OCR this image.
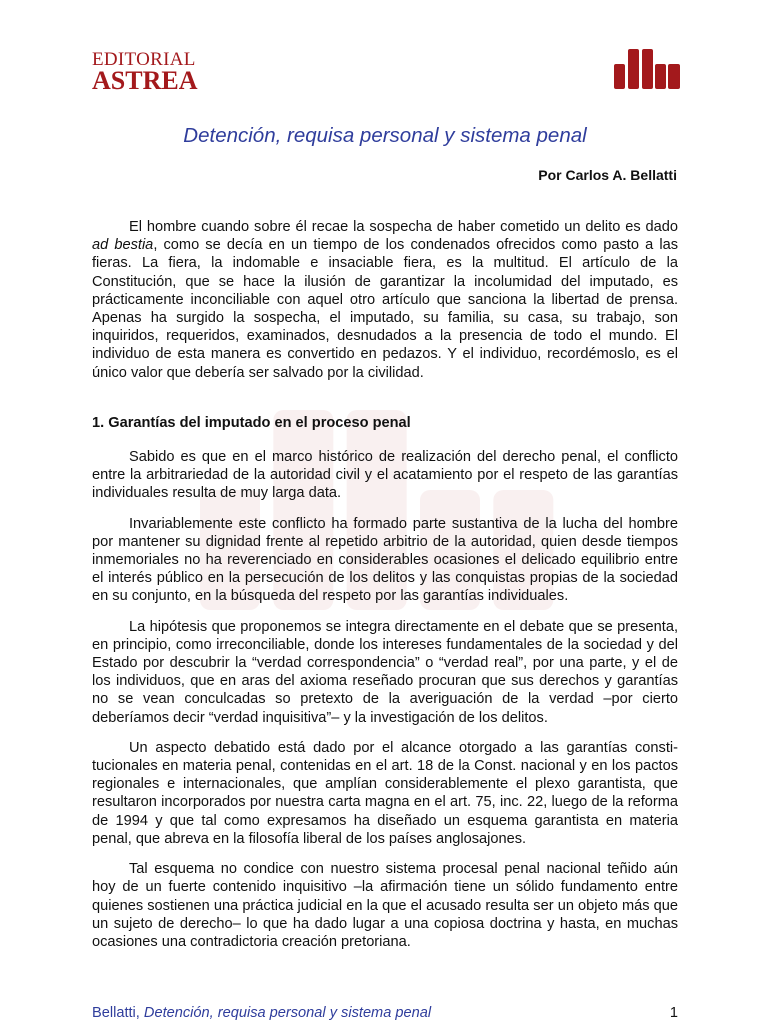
EDITORIAL
ASTREA
Detención, requisa personal y sistema penal
Por Carlos A. Bellatti

El hombre cuando sobre él recae la sospecha de haber cometido un delito es dado ad bestia, como se decía en un tiempo de los condenados ofrecidos como pasto a las fieras. La fiera, la indomable e insaciable fiera, es la multitud. El artículo de la Constitución, que se hace la ilusión de garantizar la incolumidad del imputado, es prácticamente inconciliable con aquel otro artículo que sanciona la libertad de prensa. Apenas ha surgido la sospecha, el imputado, su familia, su casa, su trabajo, son inquiridos, requeridos, examinados, desnudados a la presencia de todo el mundo. El individuo de esta manera es convertido en pedazos. Y el individuo, recordémoslo, es el único valor que debería ser salvado por la civilidad.

1. Garantías del imputado en el proceso penal

Sabido es que en el marco histórico de realización del derecho penal, el conflicto entre la arbitrariedad de la autoridad civil y el acatamiento por el respeto de las garantías individuales resulta de muy larga data.

Invariablemente este conflicto ha formado parte sustantiva de la lucha del hombre por mantener su dignidad frente al repetido arbitrio de la autoridad, quien desde tiempos inmemoriales no ha reverenciado en considerables ocasiones el delicado equilibrio entre el interés público en la persecución de los delitos y las conquistas propias de la sociedad en su conjunto, en la búsqueda del respeto por las garantías individuales.

La hipótesis que proponemos se integra directamente en el debate que se presenta, en principio, como irreconciliable, donde los intereses fundamentales de la sociedad y del Estado por descubrir la “verdad correspondencia” o “verdad real”, por una parte, y el de los individuos, que en aras del axioma reseñado procuran que sus derechos y garantías no se vean conculcadas so pretexto de la averiguación de la verdad –por cierto deberíamos decir “verdad inquisitiva”– y la investigación de los delitos.

Un aspecto debatido está dado por el alcance otorgado a las garantías constitucionales en materia penal, contenidas en el art. 18 de la Const. nacional y en los pactos regionales e internacionales, que amplían considerablemente el plexo garantista, que resultaron incorporados por nuestra carta magna en el art. 75, inc. 22, luego de la reforma de 1994 y que tal como expresamos ha diseñado un esquema garantista en materia penal, que abreva en la filosofía liberal de los países anglosajones.

Tal esquema no condice con nuestro sistema procesal penal nacional teñido aún hoy de un fuerte contenido inquisitivo –la afirmación tiene un sólido fundamento entre quienes sostienen una práctica judicial en la que el acusado resulta ser un objeto más que un sujeto de derecho– lo que ha dado lugar a una copiosa doctrina y hasta, en muchas ocasiones una contradictoria creación pretoriana.

Bellatti, Detención, requisa personal y sistema penal	1
